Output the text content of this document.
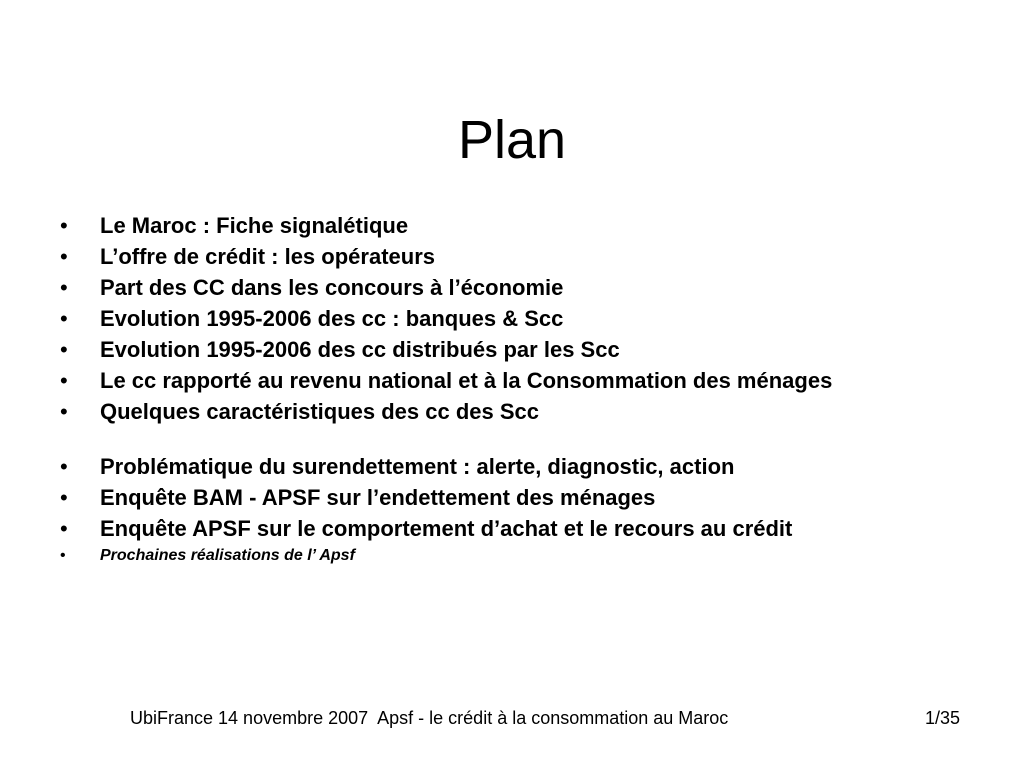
Plan
• Le Maroc : Fiche signalétique
• L’offre de crédit : les opérateurs
• Part des CC dans les concours à l’économie
• Evolution 1995-2006 des cc : banques & Scc
• Evolution 1995-2006 des cc distribués par les Scc
• Le cc rapporté au revenu national et à la Consommation des ménages
• Quelques caractéristiques des cc des Scc
• Problématique du surendettement : alerte, diagnostic, action
• Enquête BAM - APSF sur l’endettement des ménages
• Enquête APSF sur le comportement d’achat et le recours au crédit
• Prochaines réalisations de l’ Apsf
UbiFrance 14 novembre 2007  Apsf - le crédit à la consommation au Maroc	1/35
